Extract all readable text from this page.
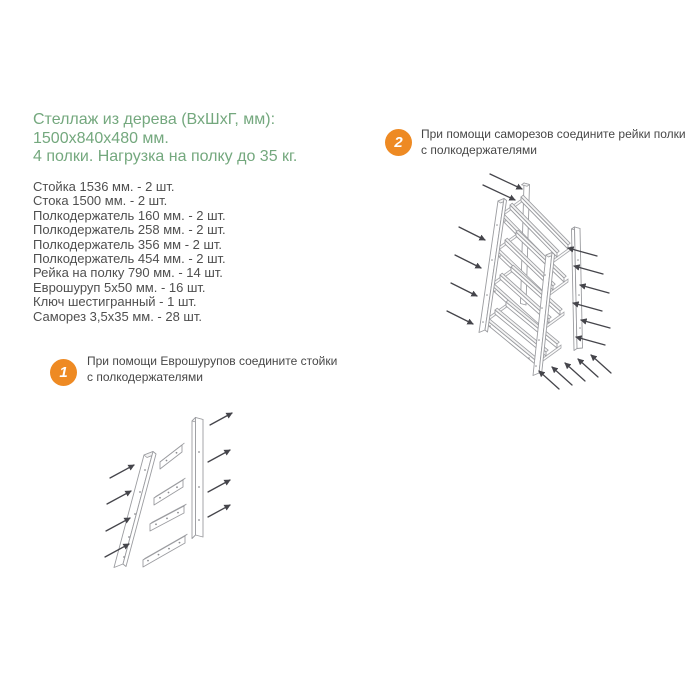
Стеллаж из дерева (ВхШхГ, мм):
1500х840х480 мм.
4 полки. Нагрузка на полку до 35 кг.
Стойка 1536 мм. - 2 шт.
Стока 1500 мм. - 2 шт.
Полкодержатель 160 мм. - 2 шт.
Полкодержатель 258 мм. - 2 шт.
Полкодержатель 356 мм - 2 шт.
Полкодержатель 454 мм. - 2 шт.
Рейка на полку 790 мм. - 14 шт.
Еврошуруп 5х50 мм. - 16 шт.
Ключ шестигранный - 1 шт.
Саморез 3,5х35 мм. - 28 шт.
1
При помощи Еврошурупов соедините стойки
с полкодержателями
2	При помощи саморезов соедините рейки полки
с полкодержателями
